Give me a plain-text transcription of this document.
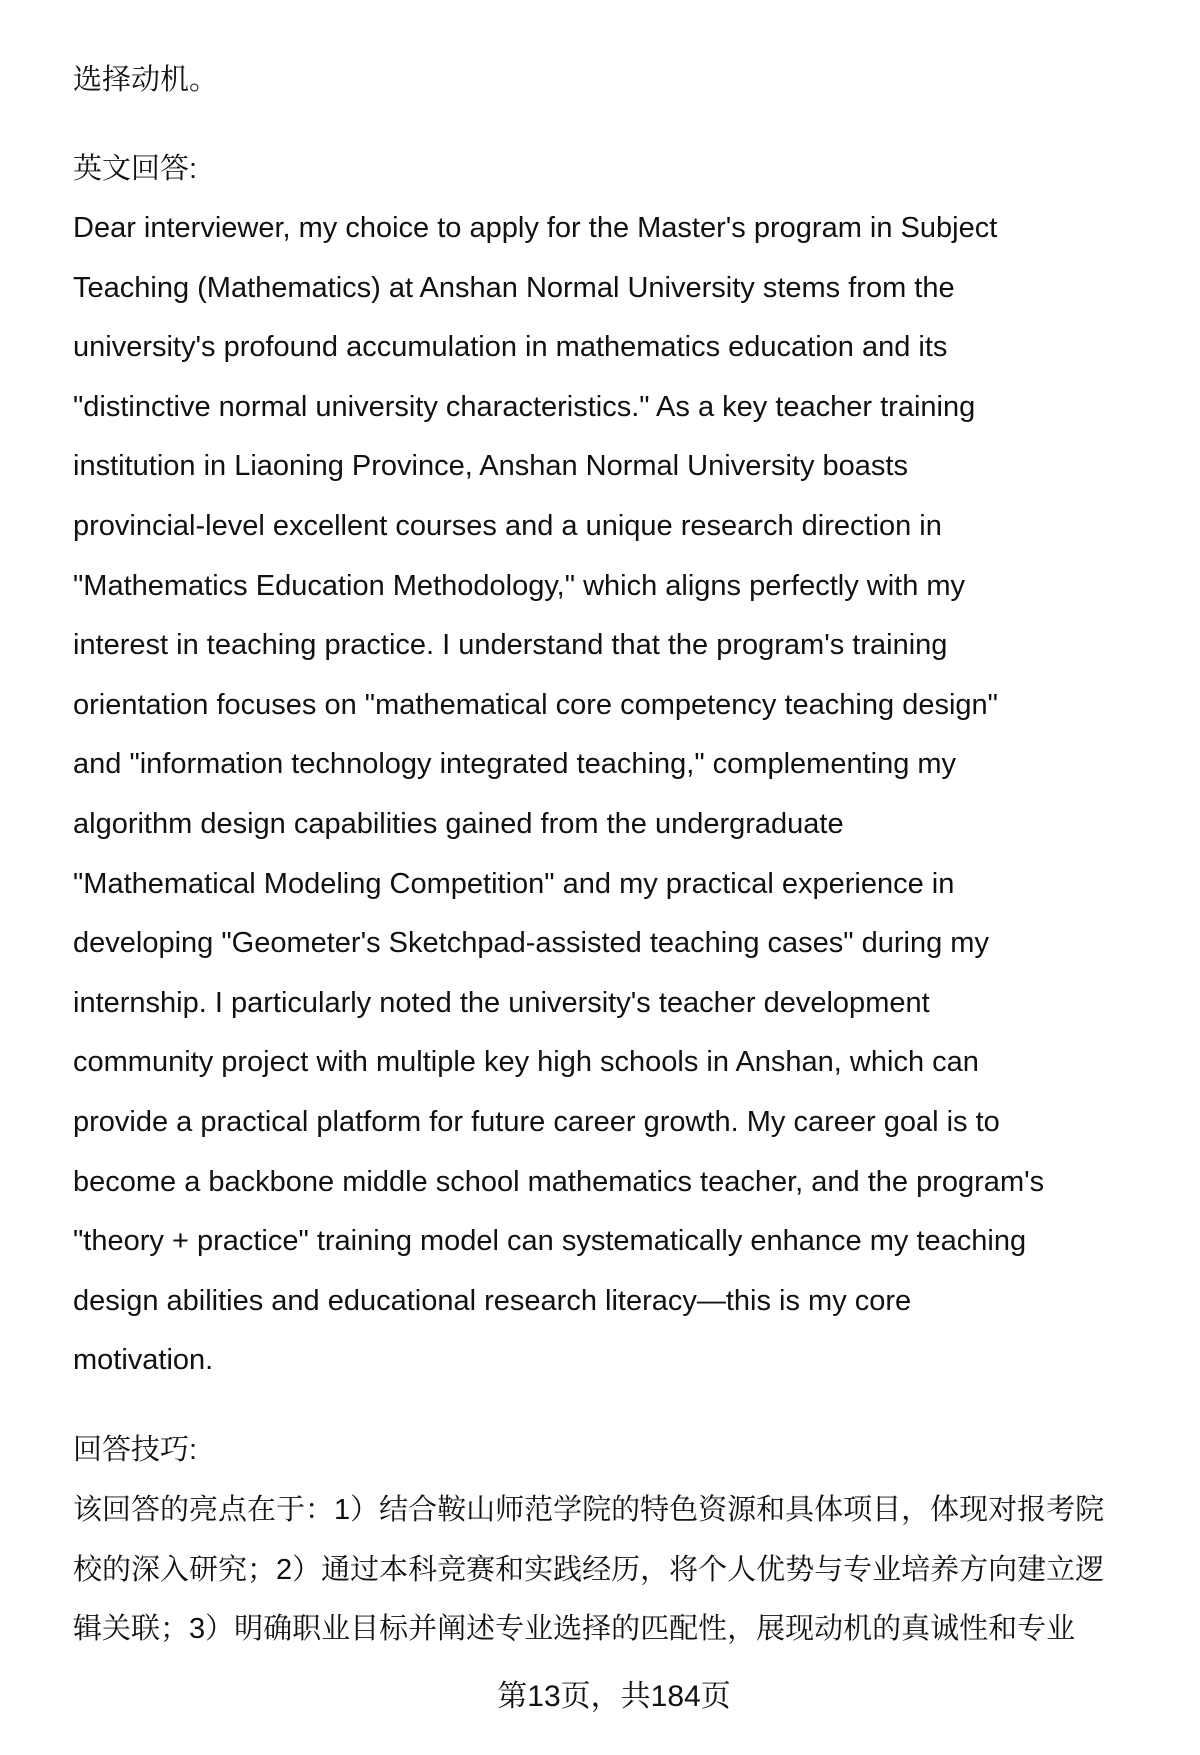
选择动机。
英文回答:
Dear interviewer, my choice to apply for the Master's program in Subject
Teaching (Mathematics) at Anshan Normal University stems from the
university's profound accumulation in mathematics education and its
"distinctive normal university characteristics." As a key teacher training
institution in Liaoning Province, Anshan Normal University boasts
provincial-level excellent courses and a unique research direction in
"Mathematics Education Methodology," which aligns perfectly with my
interest in teaching practice. I understand that the program's training
orientation focuses on "mathematical core competency teaching design"
and "information technology integrated teaching," complementing my
algorithm design capabilities gained from the undergraduate
"Mathematical Modeling Competition" and my practical experience in
developing "Geometer's Sketchpad-assisted teaching cases" during my
internship. I particularly noted the university's teacher development
community project with multiple key high schools in Anshan, which can
provide a practical platform for future career growth. My career goal is to
become a backbone middle school mathematics teacher, and the program's
"theory + practice" training model can systematically enhance my teaching
design abilities and educational research literacy—this is my core
motivation.
回答技巧:
该回答的亮点在于：1）结合鞍山师范学院的特色资源和具体项目，体现对报考院
校的深入研究；2）通过本科竞赛和实践经历，将个人优势与专业培养方向建立逻
辑关联；3）明确职业目标并阐述专业选择的匹配性，展现动机的真诚性和专业
第13页，共184页
